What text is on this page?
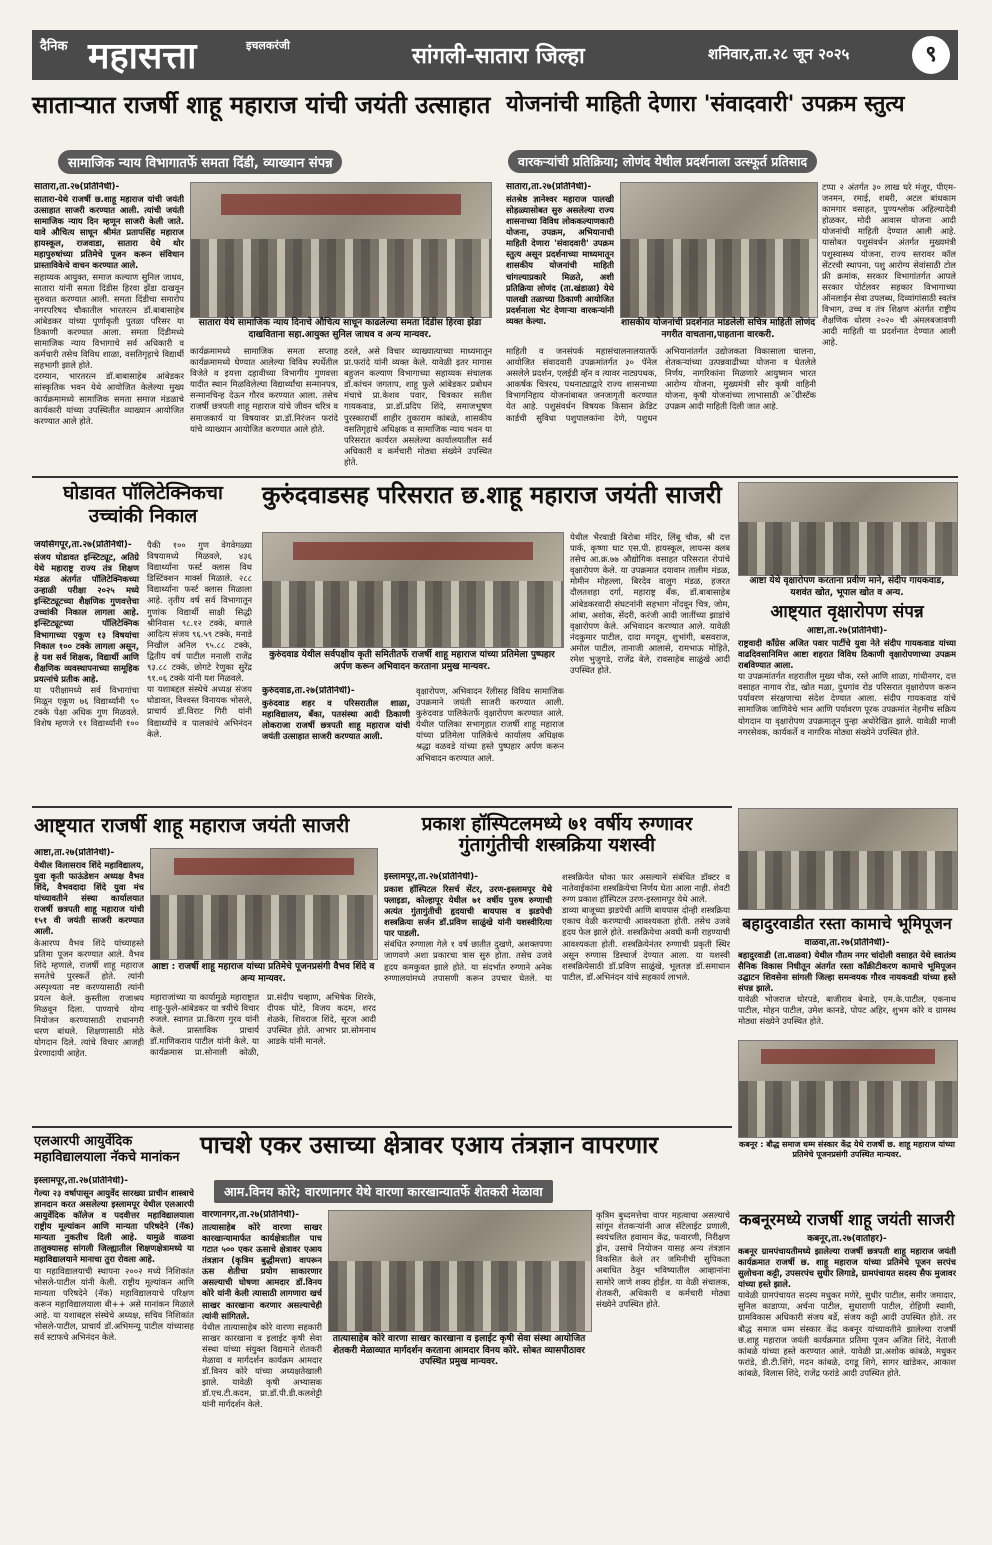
दैनिक महासत्ता	इचलकरंजी	सांगली-सातारा जिल्हा	शनिवार,ता.२८ जून २०२५	९
साताऱ्यात राजर्षी शाहू महाराज यांची जयंती उत्साहात
सामाजिक न्याय विभागातर्फे समता दिंडी, व्याख्यान संपन्न
सातारा,ता.२७(प्रतिनिधी)-
सातारा-येथे राजर्षी छ.शाहू महाराज यांची जयंती उत्साहात साजरी करण्यात आली. त्यांची जयंती सामाजिक न्याय दिन म्हणून साजरी केली जाते. यावे औचित्य साधून श्रीमंत प्रतापसिंह महाराज हायस्कूल, राजवाडा, सातारा येथे थोर महापुरुषांच्या प्रतिमेचे पूजन करून संविधान प्रास्ताविकेचे वाचन करण्यात आले.
सहाय्यक आयुक्त, समाज कल्याण सुनिल जाधव, सातारा यांनी समता दिंडीस हिरवा झेंडा दाखवून सुरुवात करण्यात आली. समता दिंडीचा समारोप नगरपरिषद चौकातील भारतरत्न डॉ.बाबासाहेब आंबेडकर यांच्या पूर्णाकृती पुतळा परिसर या ठिकाणी करण्यात आला. समता दिंडीमध्ये सामाजिक न्याय विभागाचे सर्व अधिकारी व कर्मचारी तसेच विविध शाळा, वसतिगृहाचे विद्यार्थी सहभागी झाले होते.
दरम्यान, भारतरत्न डॉ.बाबासाहेब आंबेडकर सांस्कृतिक भवन येथे आयोजित केलेल्या मुख्य कार्यक्रमामध्ये सामाजिक समता समाज मंडळाचे कार्यकारी यांच्या उपस्थितीत व्याख्यान आयोजित करण्यात आले होते.
सातारा येथे सामाजिक न्याय दिनाचे औचित्य साधून काढलेल्या समता दिंडीस हिरवा झेंडा दाखविताना सहा.आयुक्त सुनिल जाधव व अन्य मान्यवर.
कार्यक्रमामध्ये सामाजिक समता सप्ताह कार्यक्रमामध्ये घेण्यात आलेल्या विविध स्पर्धेतील विजेते व इयत्ता दहावीच्या विभागीय गुणवत्ता यादीत स्थान मिळविलेल्या विद्यार्थ्यांचा सन्मानपत्र, सन्मानचिन्ह देऊन गौरव करण्यात आला. तसेच राजर्षी छत्रपती शाहू महाराज यांचे जीवन चरित्र व समाजकार्य या विषयावर प्रा.डॉ.निरंजन फरांदे यांचे व्याख्यान आयोजित करण्यात आले होते.
ठरले, असे विचार व्याख्यात्याच्या माध्यमातून प्रा.फरांदे यांनी व्यक्त केले. यावेळी इतर मागास बहुजन कल्याण विभागाच्या सहाय्यक संचालक डॉ.कांचन जगताप, शाहू फुले आंबेडकर प्रबोधन मंचाचे प्रा.केशव पवार, चित्रकार सतीश गायकवाड, प्रा.डॉ.प्रदिप शिंदे, समाजभूषण पुरस्कारार्थी शाहीर तुकाराम कांबळे, शासकीय वसतिगृहाचे अधिक्षक व सामाजिक न्याय भवन या परिसरात कार्यरत असलेल्या कार्यालयातील सर्व अधिकारी व कर्मचारी मोठ्या संख्येने उपस्थित होते.
योजनांची माहिती देणारा 'संवादवारी' उपक्रम स्तुत्य
वारकऱ्यांची प्रतिक्रिया; लोणंद येथील प्रदर्शनाला उत्स्फूर्त प्रतिसाद
सातारा,ता.२७(प्रतिनिधी)-
संतश्रेष्ठ ज्ञानेश्वर महाराज पालखी सोहळ्यासोबत सुरु असलेल्या राज्य शासनाच्या विविध लोककल्याणकारी योजना, उपक्रम, अभियानाची माहिती देणारा 'संवादवारी' उपक्रम स्तुत्य असून प्रदर्शनाच्या माध्यमातून शासकीय योजनांची माहिती चांगल्याप्रकारे मिळते, अशी प्रतिक्रिया लोणंद (ता.खंडाळा) येथे पालखी तळाच्या ठिकाणी आयोजित प्रदर्शनाला भेट देणाऱ्या वारकऱ्यांनी व्यक्त केल्या.	शासकीय योजनांची प्रदर्शनात मांडलेली सचित्र माहिती लोणंद नगरीत वाचताना,पाहताना वारकरी.
माहिती व जनसंपर्क महासंचालनालयातर्फे आयोजित संवादवारी उपक्रमांतर्गत ३० पॅनेल असलेले प्रदर्शन, एलईडी व्हॅन व त्यावर नाट्यपथक, आकर्षक चित्ररथ, पथनाट्याद्वारे राज्य शासनाच्या विभागनिहाय योजनांबाबत जनजागृती करण्यात येत आहे. पशुसंवर्धन विषयक किसान क्रेडिट कार्डची सुविधा पशुपालकांना देणे, पशुधन अभियानांतर्गत उद्योजकता विकासाला चालना, शेतकऱ्यांच्या उत्पन्नवाढीच्या योजना व घेतलेले निर्णय, नागरिकांना मिळणारे आयुष्मान भारत आरोग्य योजना, मुख्यमंत्री सौर कृषी वाहिनी योजना, कृषी योजनांच्या लाभासाठी अॅग्रीस्टॅक उपक्रम आदी माहिती दिली जात आहे.
टप्पा २ अंतर्गत ३० लाख घरे मंजूर, पीएम-जनमन, रमाई, शबरी, अटल बांधकाम कामगार वसाहत, पुण्यश्लोक अहिल्यादेवी होळकर, मोदी आवास योजना आदी योजनांची माहिती देण्यात आली आहे. यासोबत पशुसंवर्धन अंतर्गत मुख्यमंत्री पशुस्वास्थ्य योजना, राज्य स्तरावर कॉल सेंटरची स्थापना, पशु आरोग्य सेवांसाठी टोल फ्री क्रमांक, सरकार विभागांतर्गत आपले सरकार पोर्टलवर सहकार विभागाच्या ऑनलाईन सेवा उपलब्ध, दिव्यांगांसाठी स्वतंत्र विभाग, उच्च व तंत्र शिक्षण अंतर्गत राष्ट्रीय शैक्षणिक धोरण २०२० ची अंमलबजावणी आदी माहिती या प्रदर्शनात देण्यात आली आहे.
घोडावत पॉलिटेक्निकचा उच्चांकी निकाल
जयसिंगपूर,ता.२७(प्रतिनिधी)-
संजय घोडावत इन्स्टिट्यूट, अतिग्रे येथे महाराष्ट्र राज्य तंत्र शिक्षण मंडळ अंतर्गत पॉलिटेक्निकच्या उन्हाळी परीक्षा २०२५ मध्ये इन्स्टिट्यूटच्या शैक्षणिक गुणवत्तेचा उच्चांकी निकाल लागला आहे. इन्स्टिट्यूटच्या पॉलिटेक्निक विभागाच्या एकूण १३ विषयांचा निकाल १०० टक्के लागला असून, हे यश सर्व शिक्षक, विद्यार्थी आणि शैक्षणिक व्यवस्थापनाच्या सामूहिक प्रयत्नांचे प्रतीक आहे.
या परीक्षामध्ये सर्व विभागांचा मिळून एकूण ७६ विद्यार्थ्यांनी ९० टक्के पेक्षा अधिक गुण मिळवले. विशेष म्हणजे ११ विद्यार्थ्यांनी १०० पैकी १०० गुण वेगवेगळ्या विषयामध्ये मिळवले, ४३६ विद्यार्थ्यांना फर्स्ट क्लास विथ डिस्टिंक्शन मार्क्स मिळाले. २८८ विद्यार्थ्यांना फर्स्ट क्लास मिळाला आहे. तृतीय वर्ष सर्व विभागातून गुणांक विद्यार्थी साक्षी सिद्धी श्रीनिवास ९८.१२ टक्के, बगाले आदित्य संजय ९६.५९ टक्के, मनाडे निखील अनिल ९५.८८ टक्के, द्वितीय वर्ष पाटील मनाली राजेंद्र ९३.८८ टक्के, छोगटे रेणुका सुरेंद्र ९१.०६ टक्के यांनी यश मिळवले.
या यशाबद्दल संस्थेचे अध्यक्ष संजय घोडावत, विश्वस्त विनायक भोसले, प्राचार्य डॉ.विराट गिरी यांनी विद्यार्थ्यांचे व पालकांचे अभिनंदन केले.
कुरुंदवाडसह परिसरात छ.शाहू महाराज जयंती साजरी
कुरुंदवाड येथील सर्वपक्षीय कृती समितीतर्फे राजर्षी शाहू महाराज यांच्या प्रतिमेला पुष्पहार अर्पण करून अभिवादन करताना प्रमुख मान्यवर.
कुरुंदवाड,ता.२७(प्रतिनिधी)-
कुरुंदवाड शहर व परिसरातील शाळा, महाविद्यालय, बँका, पतसंस्था आदी ठिकाणी लोकराजा राजर्षी छत्रपती शाहू महाराज यांची जयंती उत्साहात साजरी करण्यात आली.
वृक्षारोपण, अभिवादन रॅलीसह विविध सामाजिक उपक्रमाने जयंती साजरी करण्यात आली. कुरुंदवाड पालिकेतर्फे वृक्षारोपण करण्यात आले. येथील पालिका सभागृहात राजर्षी शाहू महाराज यांच्या प्रतिमेला पालिकेचे कार्यालय अधिक्षक श्रद्धा वळवडे यांच्या हस्ते पुष्पहार अर्पण करून अभिवादन करण्यात आले.
येथील भैरवाडी बिरोबा मंदिर, लिंबू चौक, श्री दत्त पार्क, कृष्णा घाट एस.पी. हायस्कूल, लायन्स क्लब तसेच आ.क्र.७७ औद्योगिक वसाहत परिसरात रोपांचे वृक्षारोपण केले. या उपक्रमात दयावान तालीम मंडळ, मोमीन मोहल्ला, बिरदेव वालुग मंडळ, हजरत दौलतशहा दर्गा, महाराष्ट्र बँक, डॉ.बाबासाहेब आंबेडकरवादी संघटनांनी सहभाग नोंदवून चित्र, जोम, आंबा, अशोक, सेंदरी, करंजी आदी जातींच्या झाडांचे वृक्षारोपण केले. अभिवादन करण्यात आले. यावेळी नंदकुमार पाटील, दादा मगदूम, शुभांगी, बसवराज, अमोल पाटील, तानाजी आलासे, रामभाऊ मोहिते, रमेश भुजुगडे, राजेंद्र बेले, रावसाहेब साळुंखे आदी उपस्थित होते.
आष्टा येथे वृक्षारोपण करताना प्रवीण माने, संदीप गायकवाड, यशवंत खोत, भूपाल खोत व अन्य.
आष्ट्यात वृक्षारोपण संपन्न
आष्टा,ता.२७(प्रतिनिधी)-
राष्ट्रवादी काँग्रेस अजित पवार पार्टीचे युवा नेते संदीप गायकवाड यांच्या वाढदिवसानिमित्त आष्टा शहरात विविध ठिकाणी वृक्षारोपणाच्या उपक्रम राबविण्यात आला.
या उपक्रमांतर्गत शहरातील मुख्य चौक, रस्ते आणि शाळा, गांधीनगर, दत्त वसाहत नागाव रोड, खोत मळा, दुधगांव रोड परिसरात वृक्षारोपण करून पर्यावरण संरक्षणाचा संदेश देण्यात आला. संदीप गायकवाड यांचे सामाजिक जाणिवेचे भान आणि पर्यावरण पूरक उपक्रमांत नेहमीच सक्रिय योगदान या वृक्षारोपण उपक्रमातून पुन्हा अधोरेखित झाले. यावेळी माजी नगरसेवक, कार्यकर्ते व नागरिक मोठ्या संख्येने उपस्थित होते.
आष्ट्यात राजर्षी शाहू महाराज जयंती साजरी
आष्टा,ता.२७(प्रतिनिधी)-
येथील विलासराव शिंदे महाविद्यालय, युवा कृती फाऊंडेशन अध्यक्ष वैभव शिंदे, वैभवदादा शिंदे युवा मंच यांच्यावतीने संस्था कार्यालयात राजर्षी छत्रपती शाहू महाराज यांची १५१ वी जयंती साजरी करण्यात आली.
केआरप्प वैभव शिंदे यांच्याहस्ते प्रतिमा पूजन करण्यात आले. वैभव शिंदे म्हणाले, राजर्षी शाहू महाराज समतेचे पुरस्कर्ते होते. त्यांनी अस्पृश्यता नष्ट करण्यासाठी त्यांनी प्रयत्न केले. कुस्तीला राजाश्रय मिळवून दिला. पाण्याचे योग्य नियोजन करण्यासाठी राधानगरी धरण बांधले. शिक्षणासाठी मोठे योगदान दिले. त्यांचे विचार आजही प्रेरणादायी आहेत.
आष्टा : राजर्षी शाहू महाराज यांच्या प्रतिमेचे पूजनप्रसंगी वैभव शिंदे व अन्य मान्यवर.
महाराजांच्या या कार्यामुळे महाराष्ट्रात शाहू-फुले-आंबेडकर या त्रयीचे विचार रुजले. स्वागत प्रा.किरण गुरव यांनी केले. प्रास्ताविक प्राचार्य डॉ.माणिकराव पाटील यांनी केले. या कार्यक्रमास प्रा.सोनाली कोळी, प्रा.संदीप चव्हाण, अभिषेक शिरके, दीपक घोटे, विजय कदम, शरद शेळके, शिवराज शिंदे, सूरज आदी उपस्थित होते. आभार प्रा.सोमनाथ आडके यांनी मानले.
प्रकाश हॉस्पिटलमध्ये ७१ वर्षीय रुग्णावर गुंतागुंतीची शस्त्रक्रिया यशस्वी
इस्लामपूर,ता.२७(प्रतिनिधी)-
प्रकाश हॉस्पिटल रिसर्च सेंटर, उरण-इस्लामपूर येथे फ्लाइडा, कोल्हापूर येथील ७१ वर्षीय पुरुष रुग्णाची अत्यंत गुंतागुंतीची हृदयाची बायपास व झडपेची शस्त्रक्रिया सर्जन डॉ.प्रविण साळुंखे यांनी यशस्वीरित्या पार पाडली.
संबंधित रुग्णाला गेले १ वर्ष छातीत दुखणे, अशक्तपणा जाणवणे अशा प्रकारचा त्रास सुरु होता. तसेच उजवे हृदय कमकुवत झाले होते. या संदर्भात रुग्णाने अनेक रुग्णालयांमध्ये तपासणी करून उपचार घेतले. या शस्त्रक्रियेत धोका फार असल्याने संबंधित डॉक्टर व नातेवाईकांना शस्त्रक्रियेचा निर्णय घेता आला नाही. शेवटी रुग्ण प्रकाश हॉस्पिटल उरण-इस्लामपूर येथे आले.
डाव्या बाजूच्या झडपेची आणि बायपास दोन्ही शस्त्रक्रिया एकाच वेळी करण्याची आवश्यकता होती. तसेच उजवे हृदय फेल झाले होते. शस्त्रक्रियेचा अवघी कमी राहण्याची आवश्यकता होती. शस्त्रक्रियेनंतर रुग्णाची प्रकृती स्थिर असून रुग्णास डिस्चार्ज देण्यात आला. या यशस्वी शस्त्रक्रियेसाठी डॉ.प्रविण साळुंखे, भूलतज्ञ डॉ.समाधान पाटील, डॉ.अभिनंदन यांचे सहकार्य लाभले.
बहादुरवाडीत रस्ता कामाचे भूमिपूजन
वाळवा,ता.२७(प्रतिनिधी)-
बहादुरवाडी (ता.वाळवा) येथील गौतम नगर चांदोली वसाहत येथे स्वातंत्र्य सैनिक विकास निधीतून अंतर्गत रस्ता काँक्रीटीकरण कामाचे भूमिपूजन उद्घाटन शिवसेना सांगली जिल्हा समन्वयक गौरव नायकवडी यांच्या हस्ते संपन्न झाले.
यावेळी भोजराज घोरपडे, बाजीराव बेनाडे, एम.के.पाटील, एकनाथ पाटील, मोहन पाटील, उमेश कानडे, पोपट अहिर, शुभम कोरे व ग्रामस्थ मोठ्या संख्येने उपस्थित होते.
कबनूर : बौद्ध समाज धम्म संस्कार केंद्र येथे राजर्षी छ. शाहू महाराज यांच्या प्रतिमेचे पूजनप्रसंगी उपस्थित मान्यवर.
कबनूरमध्ये राजर्षी शाहू जयंती साजरी
कबनूर,ता.२७(वार्ताहर)-
कबनूर ग्रामपंचायतीमध्ये झालेल्या राजर्षी छत्रपती शाहू महाराज जयंती कार्यक्रमात राजर्षी छ. शाहू महाराज यांच्या प्रतिमेचे पूजन सरपंच सुलोचना कट्टी, उपसरपंच सुधीर लिगाडे, ग्रामपंचायत सदस्य सैफ मुजावर यांच्या हस्ते झाले.
यावेळी ग्रामपंचायत सदस्य मधुकर मणेरे, सुधीर पाटील, समीर जमादार, सुनिल काडाप्पा, अर्चना पाटील, सुधाराणी पाटील, रोहिणी स्वामी, ग्रामविकास अधिकारी संजय बर्डे, संजय कट्टी आदी उपस्थित होते. तर बौद्ध समाज धम्म संस्कार केंद्र कबनूर यांच्यावतीने झालेल्या राजर्षी छ.शाहू महाराज जयंती कार्यक्रमात प्रतिमा पूजन अजित शिंदे, नेताजी कांबळे यांच्या हस्ते करण्यात आले. यावेळी प्रा.अशोक कांबळे, मधुकर फरांडे, डी.टी.शिंगे, मदन कांबळे, दगडू शिगे, सागर खांडेकर, आकाश कांबळे, विलास शिंदे, राजेंद्र फरांडे आदी उपस्थित होते.
एलआरपी आयुर्वेदिक महाविद्यालयाला नॅकचे मानांकन
इस्लामपूर,ता.२७(प्रतिनिधी)-
गेल्या २३ वर्षापासून आयुर्वेद सारख्या प्राचीन शास्त्राचे ज्ञानदान करत असलेल्या इस्लामपूर येथील एलआरपी आयुर्वेदिक कॉलेज व पदवीत्तर महाविद्यालयाला राष्ट्रीय मूल्यांकन आणि मान्यता परिषदेने (नॅक) मान्यता नुकतीच दिली आहे. यामुळे वाळवा तालुक्यासह सांगली जिल्ह्यातील शिक्षणक्षेत्रामध्ये या महाविद्यालयाने मानाचा तुरा रोवला आहे.
या महाविद्यालयाची स्थापना २००२ मध्ये निशिकांत भोसले-पाटील यांनी केली. राष्ट्रीय मूल्यांकन आणि मान्यता परिषदेने (नॅक) महाविद्यालयाचे परिक्षण करून महाविद्यालयाला बी++ असे मानांकन मिळाले आहे. या यशाबद्दल संस्थेचे अध्यक्ष, सचिव निशिकांत भोसले-पाटील, प्राचार्य डॉ.अभिमन्यू पाटील यांच्यासह सर्व स्टाफचे अभिनंदन केले.
पाचशे एकर उसाच्या क्षेत्रावर एआय तंत्रज्ञान वापरणार
आम.विनय कोरे; वारणानगर येथे वारणा कारखान्यातर्फे शेतकरी मेळावा
वारणानगर,ता.२७(प्रतिनिधी)-
तात्यासाहेब कोरे वारणा साखर कारखान्यामार्फत कार्यक्षेत्रातील पाच गटात ५०० एकर ऊसाचे क्षेत्रावर एआय तंत्रज्ञान (कृत्रिम बुद्धीमत्ता) वापरून ऊस शेतीचा प्रयोग साकारणार असल्याची घोषणा आमदार डॉ.विनय कोरे यांनी केली त्यासाठी लागणारा खर्च साखर कारखाना करणार असल्याचेही त्यांनी सांगितले.
येथील तात्यासाहेब कोरे वारणा सहकारी साखर कारखाना व इलाईट कृषी सेवा संस्था यांच्या संयुक्त विद्यमाने शेतकरी मेळावा व मार्गदर्शन कार्यक्रम आमदार डॉ.विनय कोरे यांच्या अध्यक्षतेखाली झाले. यावेळी कृषी अभ्यासक डॉ.एच.टी.कदम, प्रा.डॉ.पी.डी.कलशेट्टी यांनी मार्गदर्शन केले.
तात्यासाहेब कोरे वारणा साखर कारखाना व इलाईट कृषी सेवा संस्था आयोजित शेतकरी मेळाव्यात मार्गदर्शन करताना आमदार विनय कोरे. सोबत व्यासपीठावर उपस्थित प्रमुख मान्यवर.
कृत्रिम बुध्दमत्तेचा वापर महत्वाचा असल्याचे सांगून शेतकऱ्यांनी आज सॅटेलाईट प्रणाली, स्वयंचलित हवामान केंद्र, फवारणी, निरीक्षण ड्रोन, उसाचे नियोजन यासह अन्य तंत्रज्ञान विकसित केले तर जमिनीची सुपिकता अबाधित ठेवून भविष्यातील आव्हानांना सामोरे जाणे शक्य होईल. या वेळी संचालक, शेतकरी, अधिकारी व कर्मचारी मोठ्या संख्येने उपस्थित होते.
